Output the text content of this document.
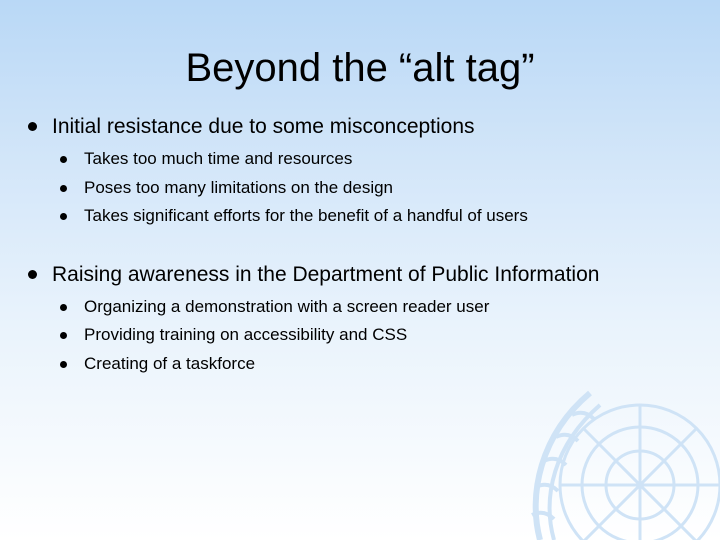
Beyond the “alt tag”
Initial resistance due to some misconceptions
Takes too much time and resources
Poses too many limitations on the design
Takes significant efforts for the benefit of a handful of users
Raising awareness in the Department of Public Information
Organizing a demonstration with a screen reader user
Providing training on accessibility and CSS
Creating of a taskforce
